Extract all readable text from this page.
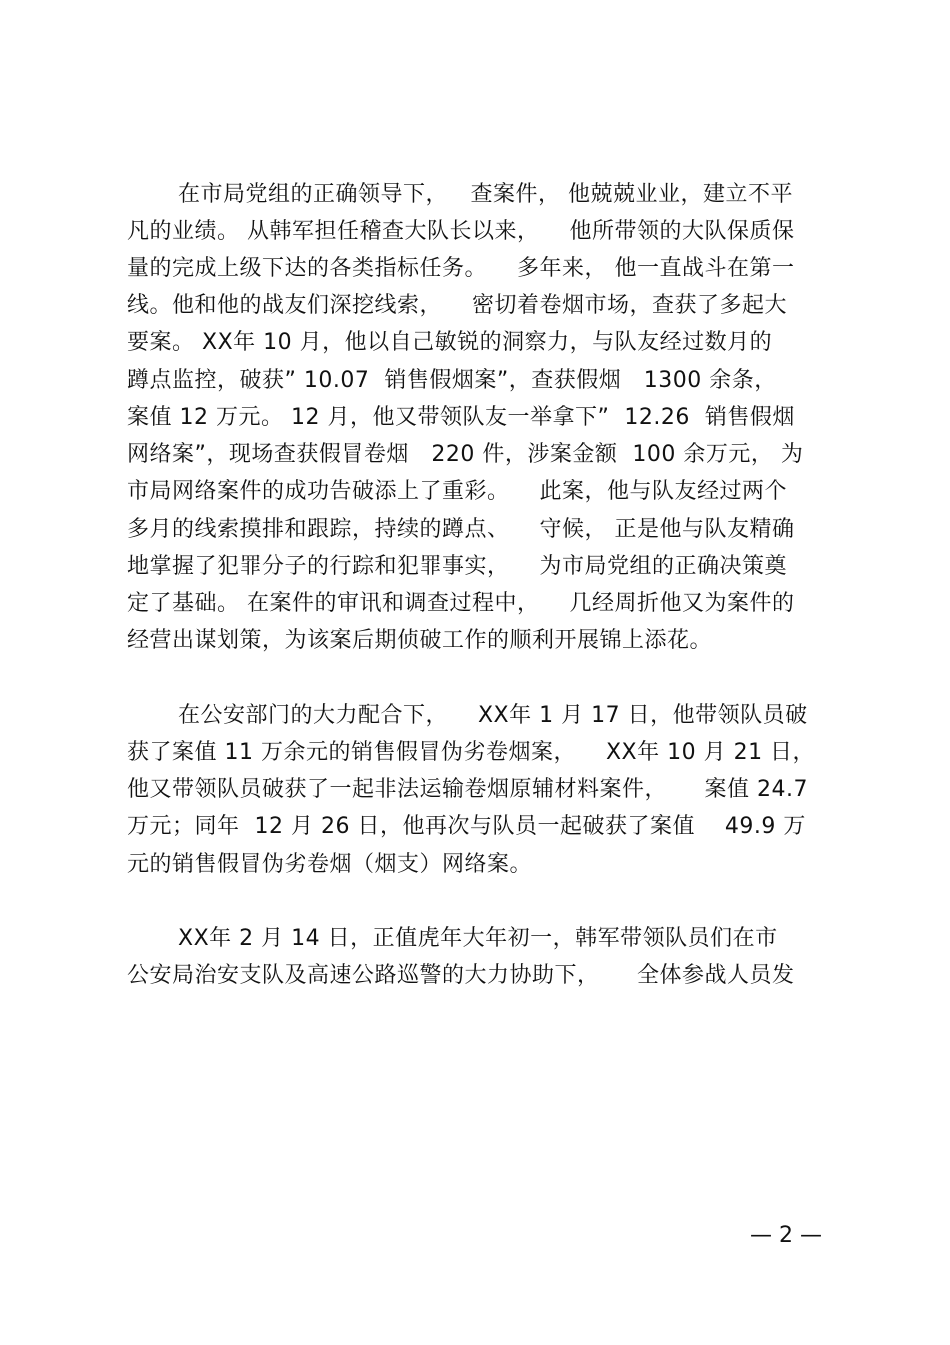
在市局党组的正确领导下，   查案件， 他兢兢业业，建立不平
凡的业绩。 从韩军担任稽查大队长以来，    他所带领的大队保质保
量的完成上级下达的各类指标任务。    多年来， 他一直战斗在第一
线。他和他的战友们深挖线索，    密切着卷烟市场，查获了多起大
要案。 XX年 10 月，他以自己敏锐的洞察力，与队友经过数月的
蹲点监控，破获” 10.07  销售假烟案”，查获假烟   1300 余条，
案值 12 万元。 12 月，他又带领队友一举拿下”  12.26  销售假烟
网络案”，现场查获假冒卷烟   220 件，涉案金额  100 余万元， 为
市局网络案件的成功告破添上了重彩。    此案，他与队友经过两个
多月的线索摸排和跟踪，持续的蹲点、    守候， 正是他与队友精确
地掌握了犯罪分子的行踪和犯罪事实，    为市局党组的正确决策奠
定了基础。 在案件的审讯和调查过程中，    几经周折他又为案件的
经营出谋划策，为该案后期侦破工作的顺利开展锦上添花。
在公安部门的大力配合下，    XX年 1 月 17 日，他带领队员破
获了案值 11 万余元的销售假冒伪劣卷烟案，    XX年 10 月 21 日，
他又带领队员破获了一起非法运输卷烟原辅材料案件，     案值 24.7
万元；同年  12 月 26 日，他再次与队员一起破获了案值    49.9 万
元的销售假冒伪劣卷烟（烟支）网络案。
XX年 2 月 14 日，正值虎年大年初一，韩军带领队员们在市
公安局治安支队及高速公路巡警的大力协助下，     全体参战人员发
— 2 —
